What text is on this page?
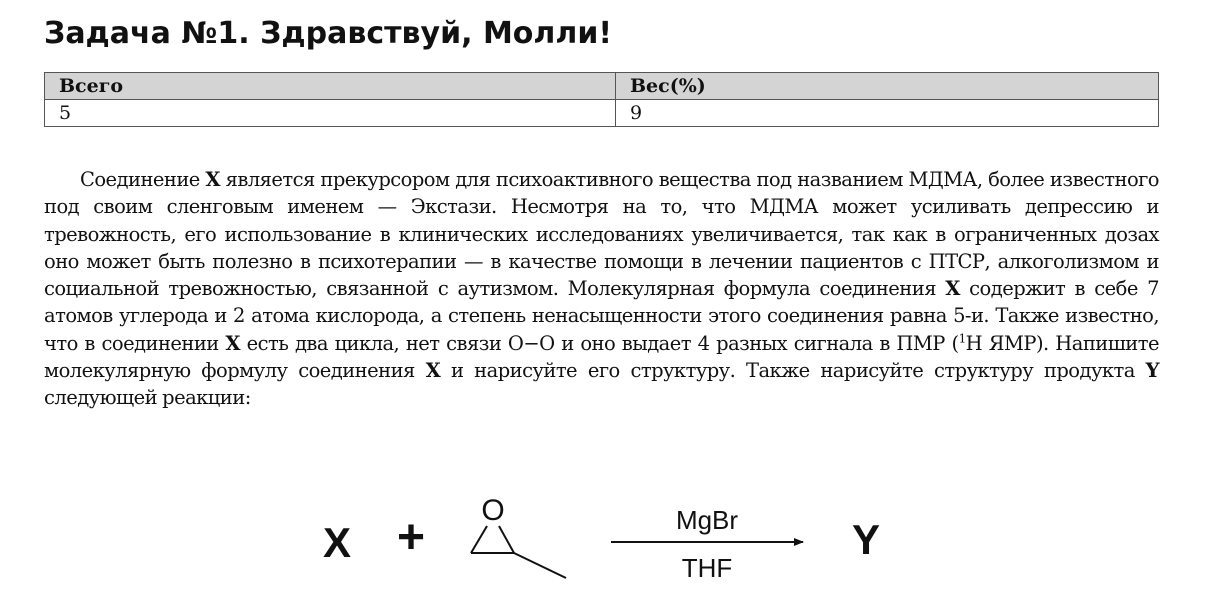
Задача №1. Здравствуй, Молли!
Всего	Вес(%)
5	9

Соединение X является прекурсором для психоактивного вещества под названием МДМА, более известного под своим сленговым именем — Экстази. Несмотря на то, что МДМА может усиливать депрессию и тревожность, его использование в клинических исследованиях увеличивается, так как в ограниченных дозах оно может быть полезно в психотерапии — в качестве помощи в лечении пациентов с ПТСР, алкоголизмом и социальной тревожностью, связанной с аутизмом. Молекулярная формула соединения X содержит в себе 7 атомов углерода и 2 атома кислорода, а степень ненасыщенности этого соединения равна 5-и. Также известно, что в соединении X есть два цикла, нет связи O−O и оно выдает 4 разных сигнала в ПМР ($^1$H ЯМР). Напишите молекулярную формулу соединения X и нарисуйте его структуру. Также нарисуйте структуру продукта Y следующей реакции:

X +
O	MgBr
THF
Y
